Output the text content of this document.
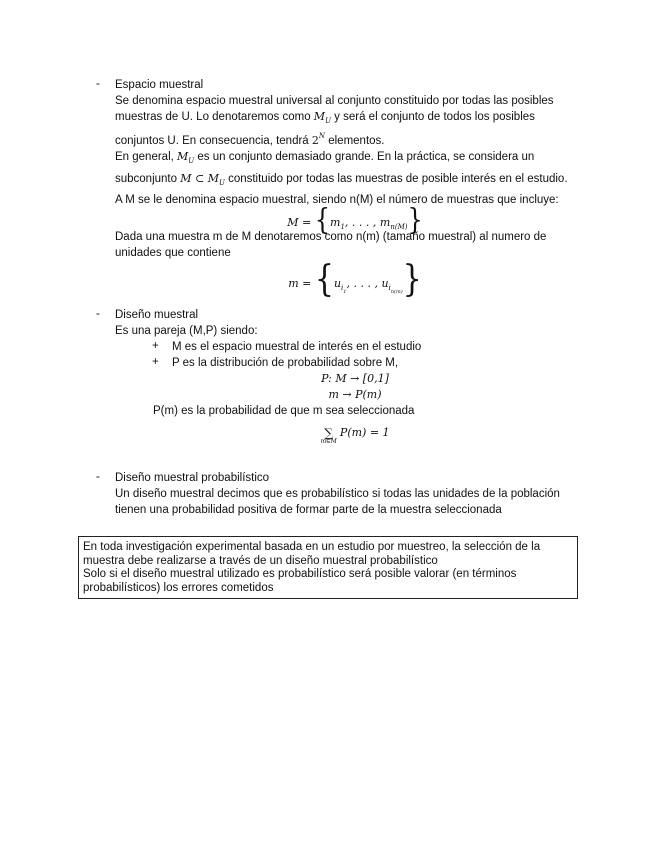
-	Espacio muestral
Se denomina espacio muestral universal al conjunto constituido por todas las posibles
muestras de U. Lo denotaremos como $M_U$ y será el conjunto de todos los posibles
conjuntos U. En consecuencia, tendrá $2^N$ elementos.
En general, $M_U$ es un conjunto demasiado grande. En la práctica, se considera un
subconjunto M ⊂ $M_U$ constituido por todas las muestras de posible interés en el estudio.
A M se le denomina espacio muestral, siendo n(M) el número de muestras que incluye:
$M = \{m_1$, . . . , $m_{n(M)}$}
Dada una muestra m de M denotaremos como n(m) (tamaño muestral) al numero de
unidades que contiene
$m = \{u_{i1}$, . . . , $u_{in(m)}$}
-	Diseño muestral
Es una pareja (M,P) siendo:
+ M es el espacio muestral de interés en el estudio
+ P es la distribución de probabilidad sobre M,
P: M → [0,1]
m → P(m)
P(m) es la probabilidad de que m sea seleccionada
∑
m∈M
P(m) = 1
-	Diseño muestral probabilístico
Un diseño muestral decimos que es probabilístico si todas las unidades de la población
tienen una probabilidad positiva de formar parte de la muestra seleccionada
En toda investigación experimental basada en un estudio por muestreo, la selección de la
muestra debe realizarse a través de un diseño muestral probabilístico
Solo si el diseño muestral utilizado es probabilístico será posible valorar (en términos
probabilísticos) los errores cometidos
